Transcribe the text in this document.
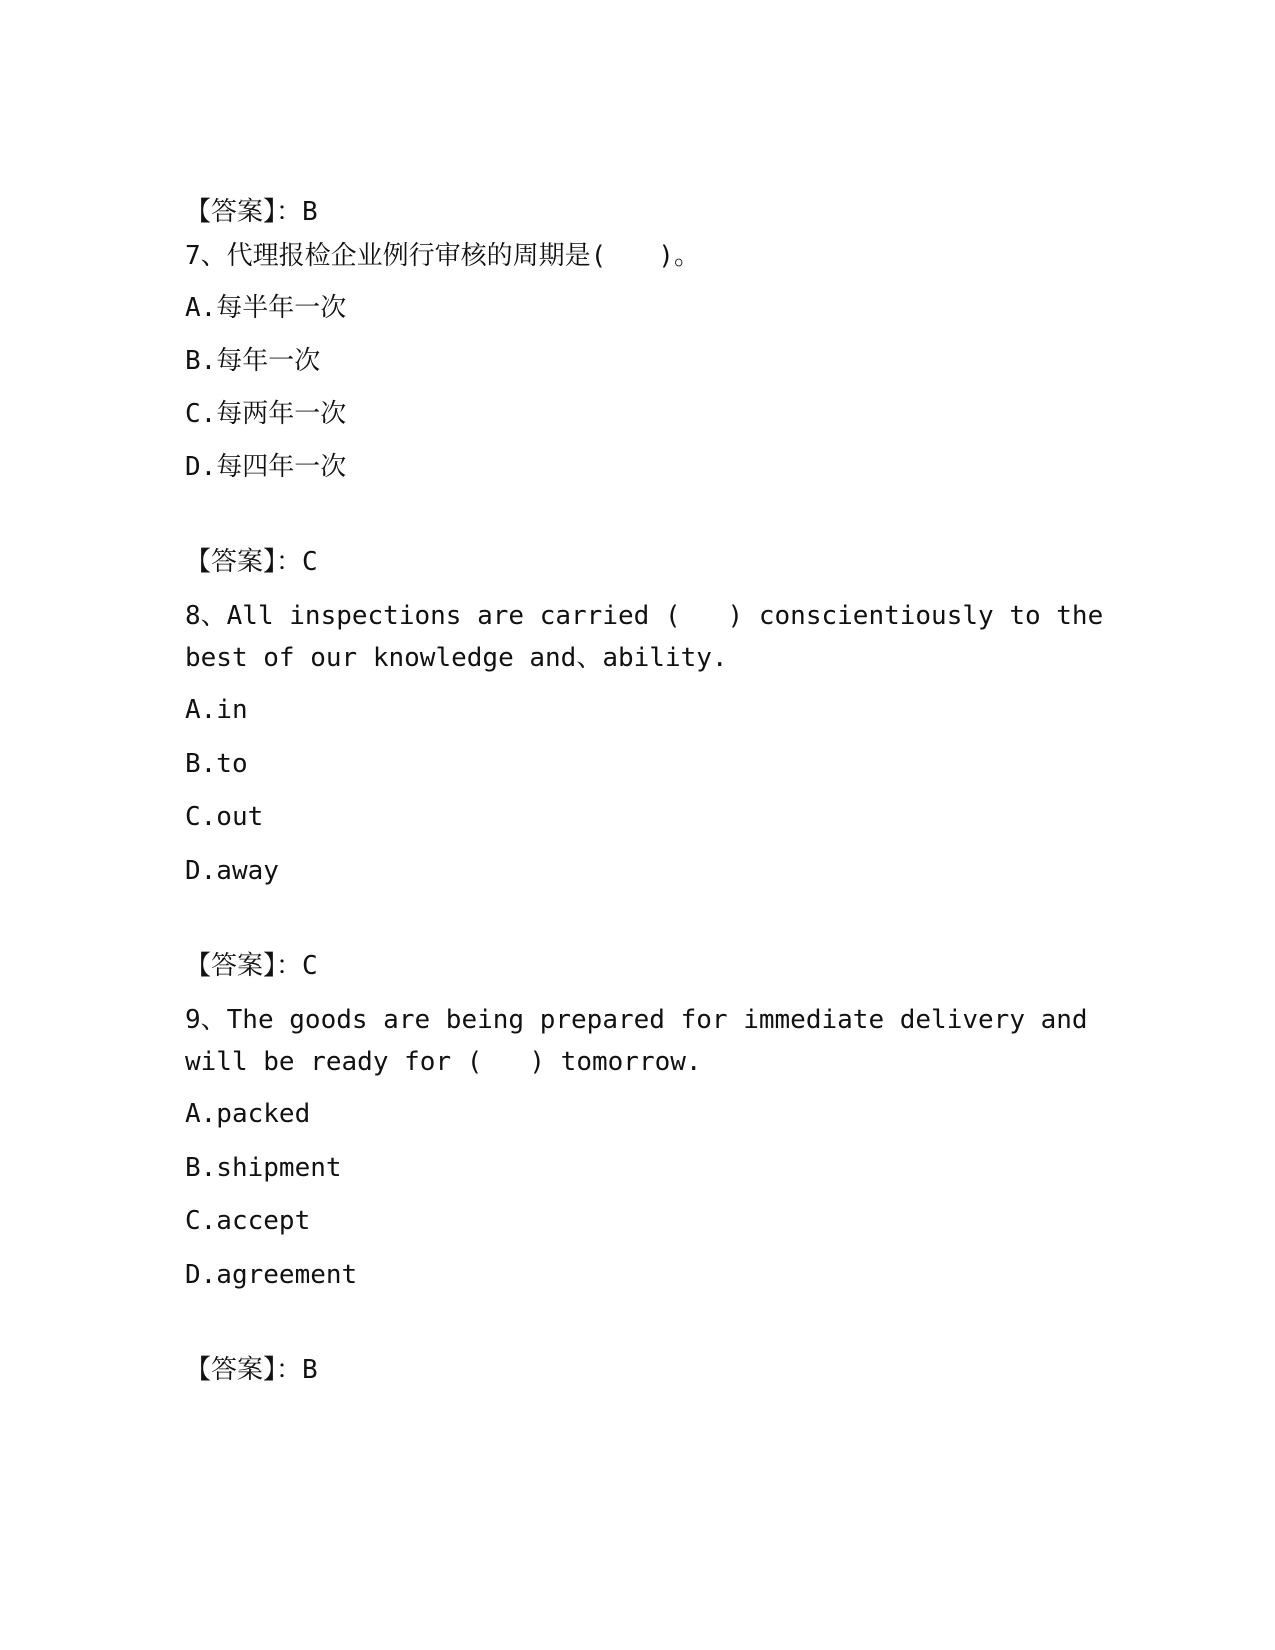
【答案】：B
7、代理报检企业例行审核的周期是(　　)。
A.每半年一次
B.每年一次
C.每两年一次
D.每四年一次
【答案】：C
8、All inspections are carried (   ) conscientiously to the
best of our knowledge and、ability.
A.in
B.to
C.out
D.away
【答案】：C
9、The goods are being prepared for immediate delivery and
will be ready for (   ) tomorrow.
A.packed
B.shipment
C.accept
D.agreement
【答案】：B
